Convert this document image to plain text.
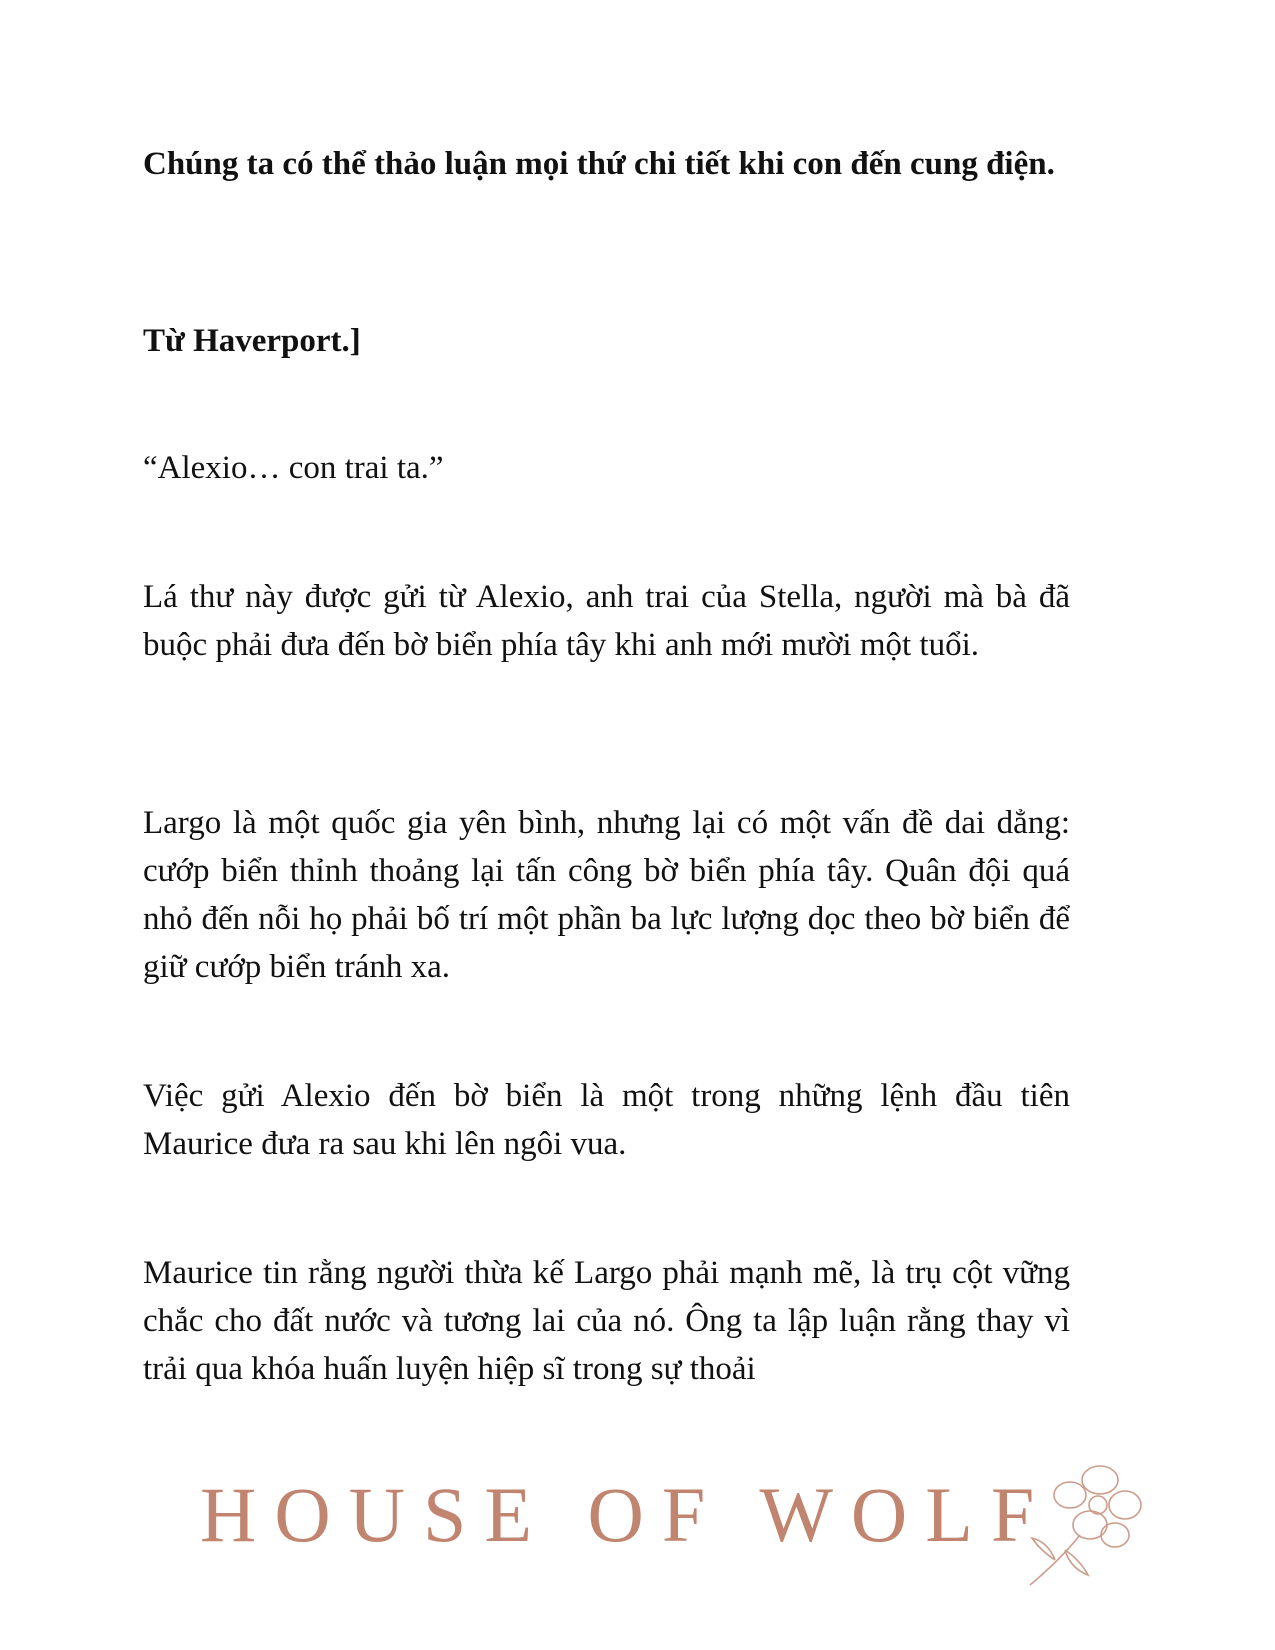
Chúng ta có thể thảo luận mọi thứ chi tiết khi con đến cung điện.

Từ Haverport.]

“Alexio… con trai ta.”

Lá thư này được gửi từ Alexio, anh trai của Stella, người mà bà đã buộc phải đưa đến bờ biển phía tây khi anh mới mười một tuổi.

Largo là một quốc gia yên bình, nhưng lại có một vấn đề dai dẳng: cướp biển thỉnh thoảng lại tấn công bờ biển phía tây. Quân đội quá nhỏ đến nỗi họ phải bố trí một phần ba lực lượng dọc theo bờ biển để giữ cướp biển tránh xa.

Việc gửi Alexio đến bờ biển là một trong những lệnh đầu tiên Maurice đưa ra sau khi lên ngôi vua.

Maurice tin rằng người thừa kế Largo phải mạnh mẽ, là trụ cột vững chắc cho đất nước và tương lai của nó. Ông ta lập luận rằng thay vì trải qua khóa huấn luyện hiệp sĩ trong sự thoải

HOUSE OF WOLF
